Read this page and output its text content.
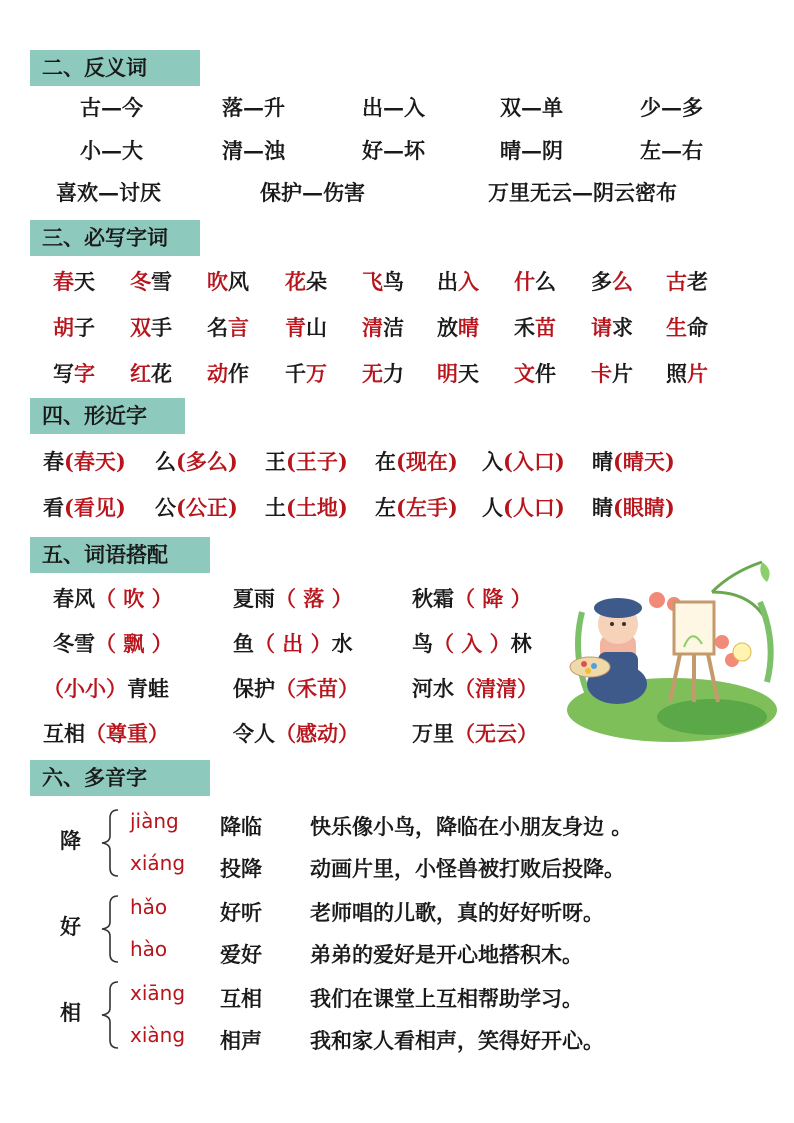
二、反义词
三、必写字词
四、形近字
五、词语搭配
六、多音字
古—今	落—升	出—入	双—单	少—多
小—大	清—浊	好—坏	晴—阴	左—右
喜欢—讨厌	保护—伤害	万里无云—阴云密布
春天 冬雪 吹风 花朵 飞鸟 出入 什么 多么 古老
胡子 双手 名言 青山 清洁 放晴 禾苗 请求 生命
写字 红花 动作 千万 无力 明天 文件 卡片 照片
春(春天) 么(多么) 王(王子) 在(现在) 入(入口) 晴(晴天)
看(看见) 公(公正) 土(土地) 左(左手) 人(人口) 睛(眼睛)
春风（ 吹 ）	夏雨（ 落 ）	秋霜（ 降 ）
冬雪（ 飘 ）	鱼（ 出 ）水	鸟（ 入 ）林
（小小）青蛙	保护（禾苗）	河水（清清）
互相（尊重）	令人（感动）	万里（无云）
降
jiàng 降临 快乐像小鸟，降临在小朋友身边 。
xiáng 投降 动画片里，小怪兽被打败后投降。
好
hǎo	好听 老师唱的儿歌，真的好好听呀。
hào	爱好 弟弟的爱好是开心地搭积木。
相
xiāng 互相 我们在课堂上互相帮助学习。
xiàng 相声 我和家人看相声，笑得好开心。
